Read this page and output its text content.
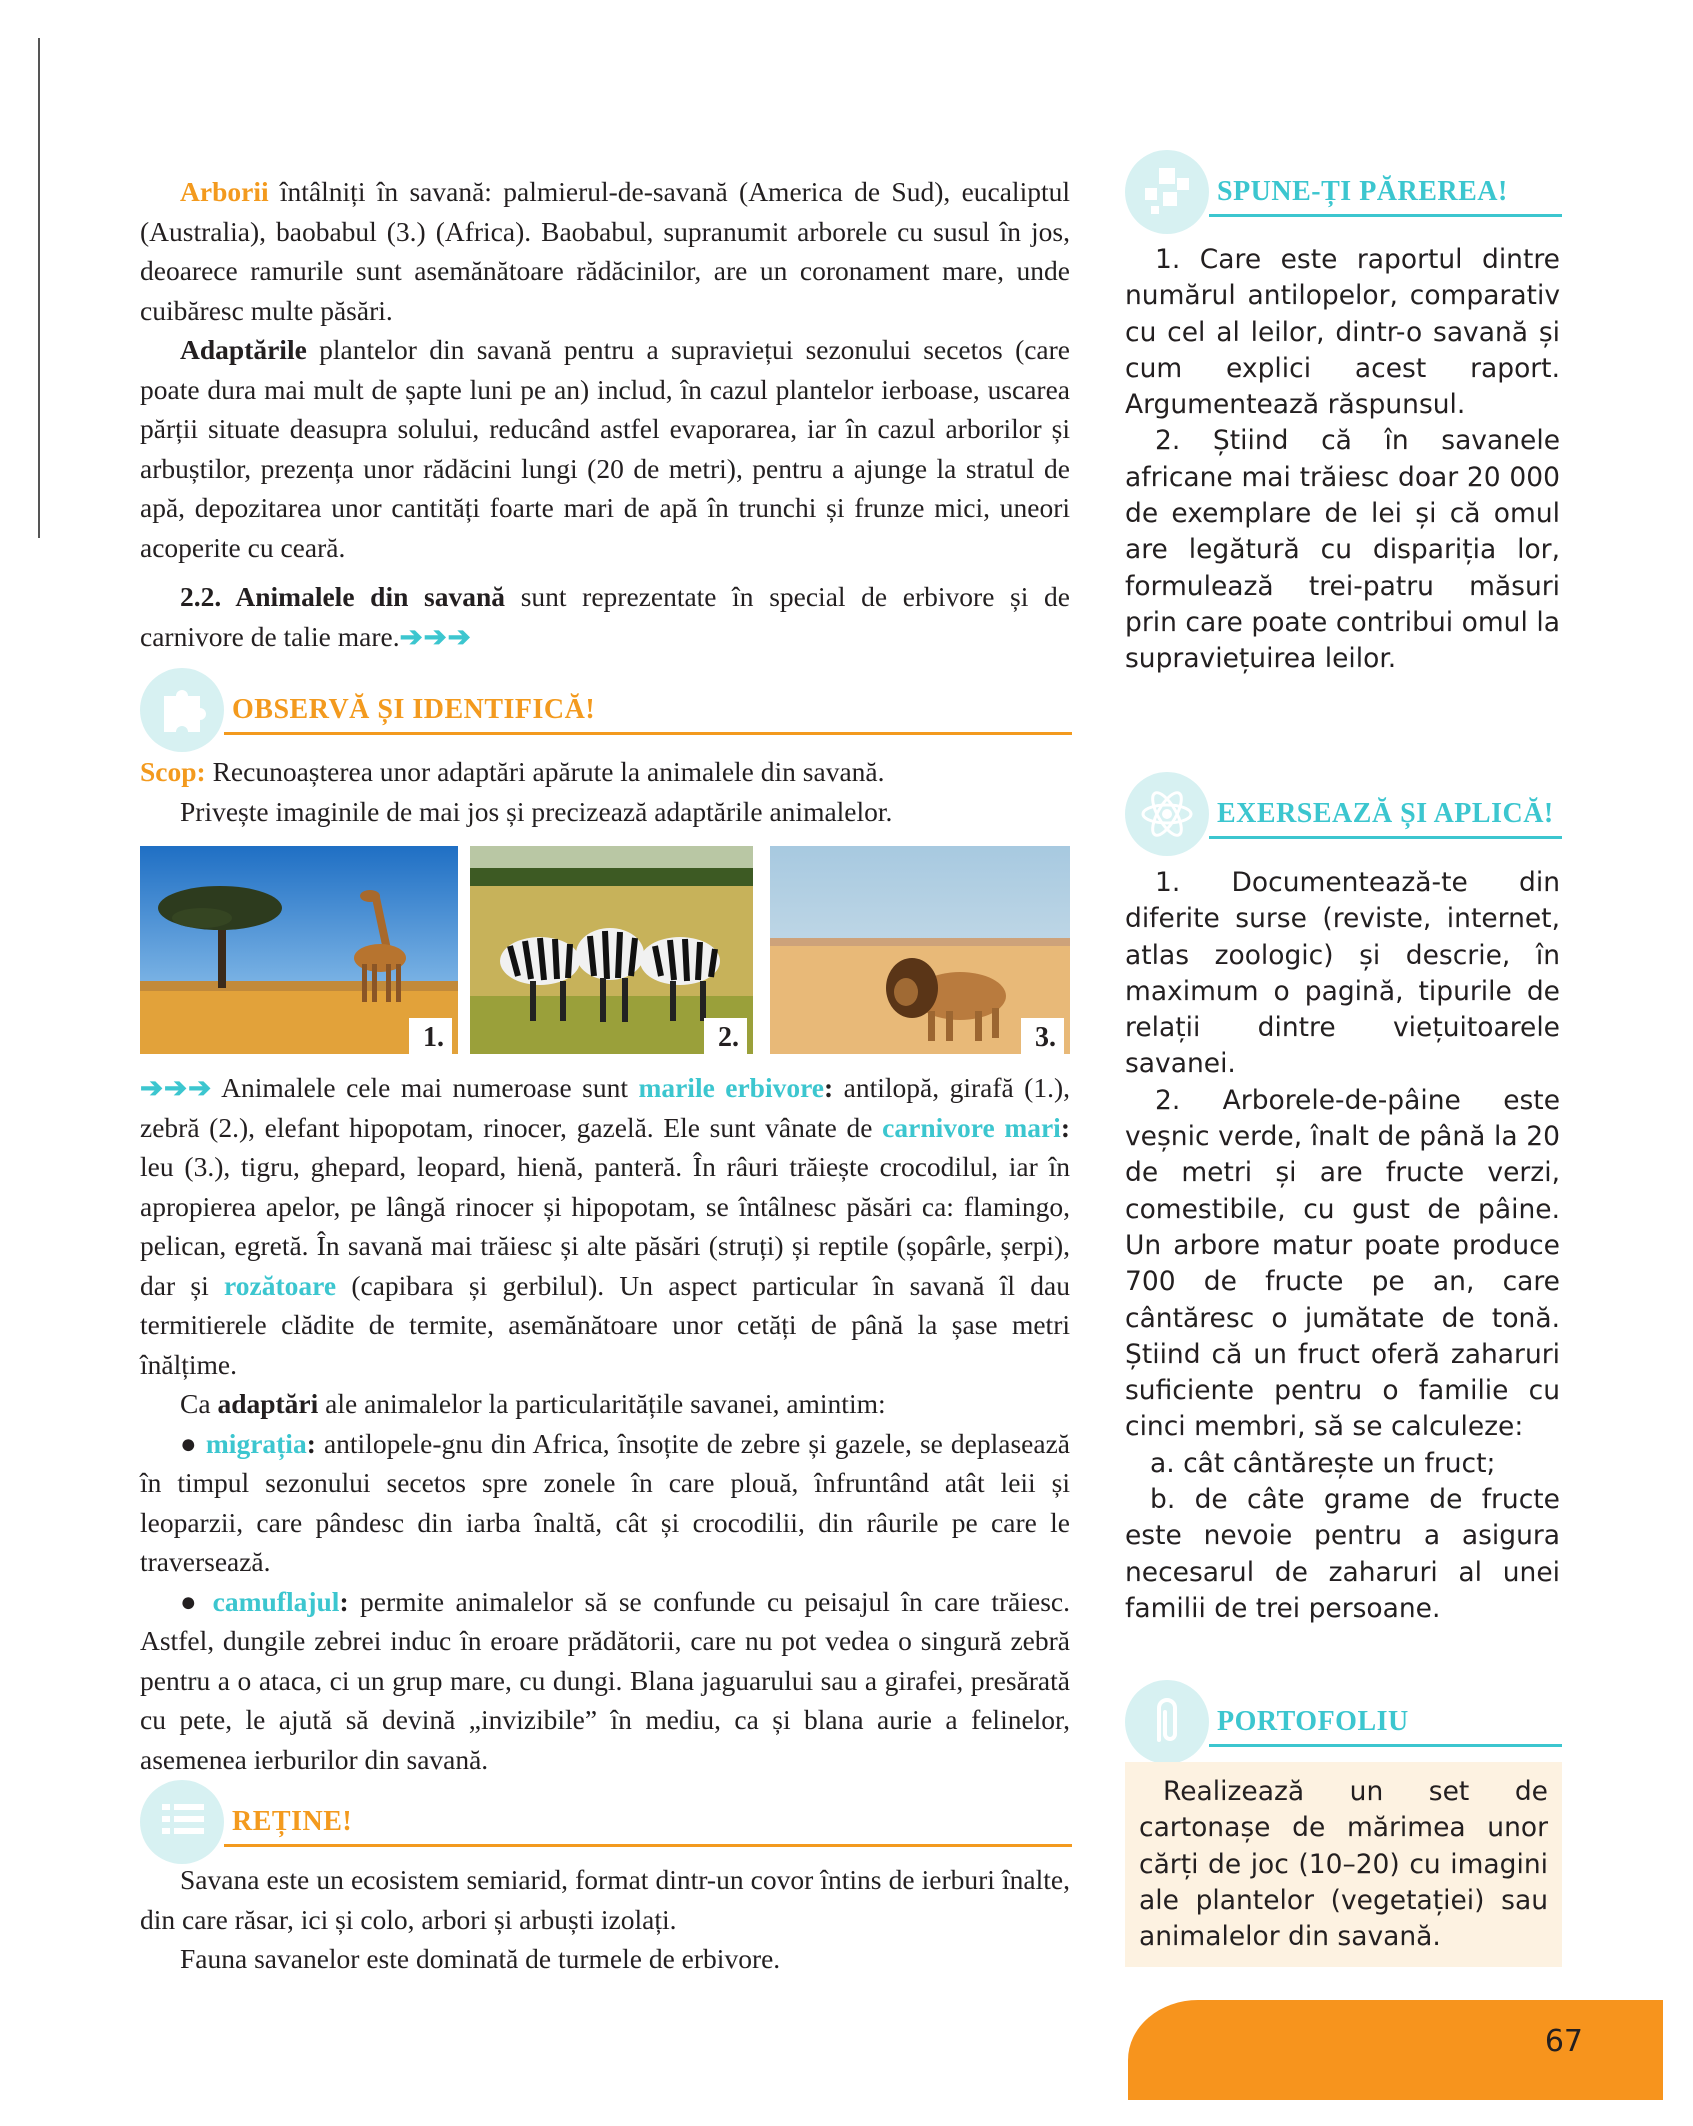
Arborii întâlniți în savană: palmierul-de-savană (America de Sud), eucaliptul (Australia), baobabul (3.) (Africa). Baobabul, supranumit arborele cu susul în jos, deoarece ramurile sunt asemănătoare rădăcinilor, are un coronament mare, unde cuibăresc multe păsări.

Adaptările plantelor din savană pentru a supraviețui sezonului secetos (care poate dura mai mult de șapte luni pe an) includ, în cazul plantelor ierboase, uscarea părții situate deasupra solului, reducând astfel evaporarea, iar în cazul arborilor și arbuștilor, prezența unor rădăcini lungi (20 de metri), pentru a ajunge la stratul de apă, depozitarea unor cantități foarte mari de apă în trunchi și frunze mici, uneori acoperite cu ceară.

2.2. Animalele din savană sunt reprezentate în special de erbivore și de carnivore de talie mare.➔➔➔

OBSERVĂ ȘI IDENTIFICĂ!

Scop: Recunoașterea unor adaptări apărute la animalele din savană.

Privește imaginile de mai jos și precizează adaptările animalelor.

1.	2.	3.

➔➔➔ Animalele cele mai numeroase sunt marile erbivore: antilopă, girafă (1.), zebră (2.), elefant hipopotam, rinocer, gazelă. Ele sunt vânate de carnivore mari: leu (3.), tigru, ghepard, leopard, hienă, panteră. În râuri trăiește crocodilul, iar în apropierea apelor, pe lângă rinocer și hipopotam, se întâlnesc păsări ca: flamingo, pelican, egretă. În savană mai trăiesc și alte păsări (struți) și reptile (șopârle, șerpi), dar și rozătoare (capibara și gerbilul). Un aspect particular în savană îl dau termitierele clădite de termite, asemănătoare unor cetăți de până la șase metri înălțime.

Ca adaptări ale animalelor la particularitățile savanei, amintim:

● migrația: antilopele-gnu din Africa, însoțite de zebre și gazele, se deplasează în timpul sezonului secetos spre zonele în care plouă, înfruntând atât leii și leoparzii, care pândesc din iarba înaltă, cât și crocodilii, din râurile pe care le traversează.

● camuflajul: permite animalelor să se confunde cu peisajul în care trăiesc. Astfel, dungile zebrei induc în eroare prădătorii, care nu pot vedea o singură zebră pentru a o ataca, ci un grup mare, cu dungi. Blana jaguarului sau a girafei, presărată cu pete, le ajută să devină „invizibile” în mediu, ca și blana aurie a felinelor, asemenea ierburilor din savană.

REȚINE!

Savana este un ecosistem semiarid, format dintr-un covor întins de ierburi înalte, din care răsar, ici și colo, arbori și arbuști izolați.

Fauna savanelor este dominată de turmele de erbivore.

SPUNE-ȚI PĂREREA!

1. Care este raportul dintre numărul antilopelor, comparativ cu cel al leilor, dintr-o savană și cum explici acest raport. Argumentează răspunsul.

2. Știind că în savanele africane mai trăiesc doar 20 000 de exemplare de lei și că omul are legătură cu dispariția lor, formulează trei-patru măsuri prin care poate contribui omul la supraviețuirea leilor.

EXERSEAZĂ ȘI APLICĂ!

1. Documentează-te din diferite surse (reviste, internet, atlas zoologic) și descrie, în maximum o pagină, tipurile de relații dintre viețuitoarele savanei.

2. Arborele-de-pâine este veșnic verde, înalt de până la 20 de metri și are fructe verzi, comestibile, cu gust de pâine. Un arbore matur poate produce 700 de fructe pe an, care cântăresc o jumătate de tonă. Știind că un fruct oferă zaharuri suficiente pentru o familie cu cinci membri, să se calculeze:

a. cât cântărește un fruct;

b. de câte grame de fructe este nevoie pentru a asigura necesarul de zaharuri al unei familii de trei persoane.

PORTOFOLIU

Realizează un set de cartonașe de mărimea unor cărți de joc (10–20) cu imagini ale plantelor (vegetației) sau animalelor din savană.

67
